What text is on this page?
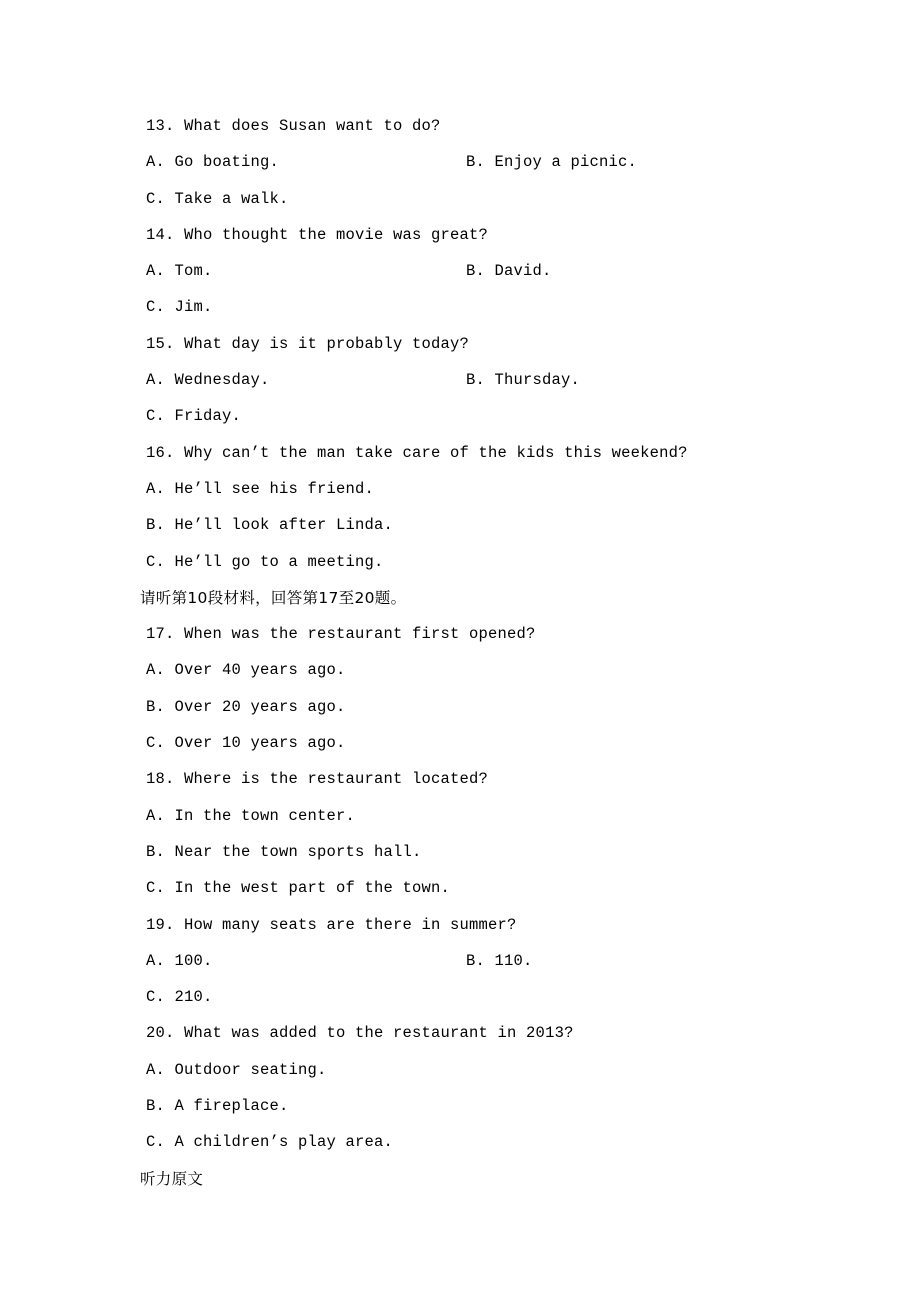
13. What does Susan want to do?
A. Go boating.	B. Enjoy a picnic.
C. Take a walk.
14. Who thought the movie was great?
A. Tom.	B. David.
C. Jim.
15. What day is it probably today?
A. Wednesday.	B. Thursday.
C. Friday.
16. Why can’t the man take care of the kids this weekend?
A. He’ll see his friend.
B. He’ll look after Linda.
C. He’ll go to a meeting.
请听第10段材料，回答第17至20题。
17. When was the restaurant first opened?
A. Over 40 years ago.
B. Over 20 years ago.
C. Over 10 years ago.
18. Where is the restaurant located?
A. In the town center.
B. Near the town sports hall.
C. In the west part of the town.
19. How many seats are there in summer?
A. 100.	B. 110.
C. 210.
20. What was added to the restaurant in 2013?
A. Outdoor seating.
B. A fireplace.
C. A children’s play area.
听力原文
